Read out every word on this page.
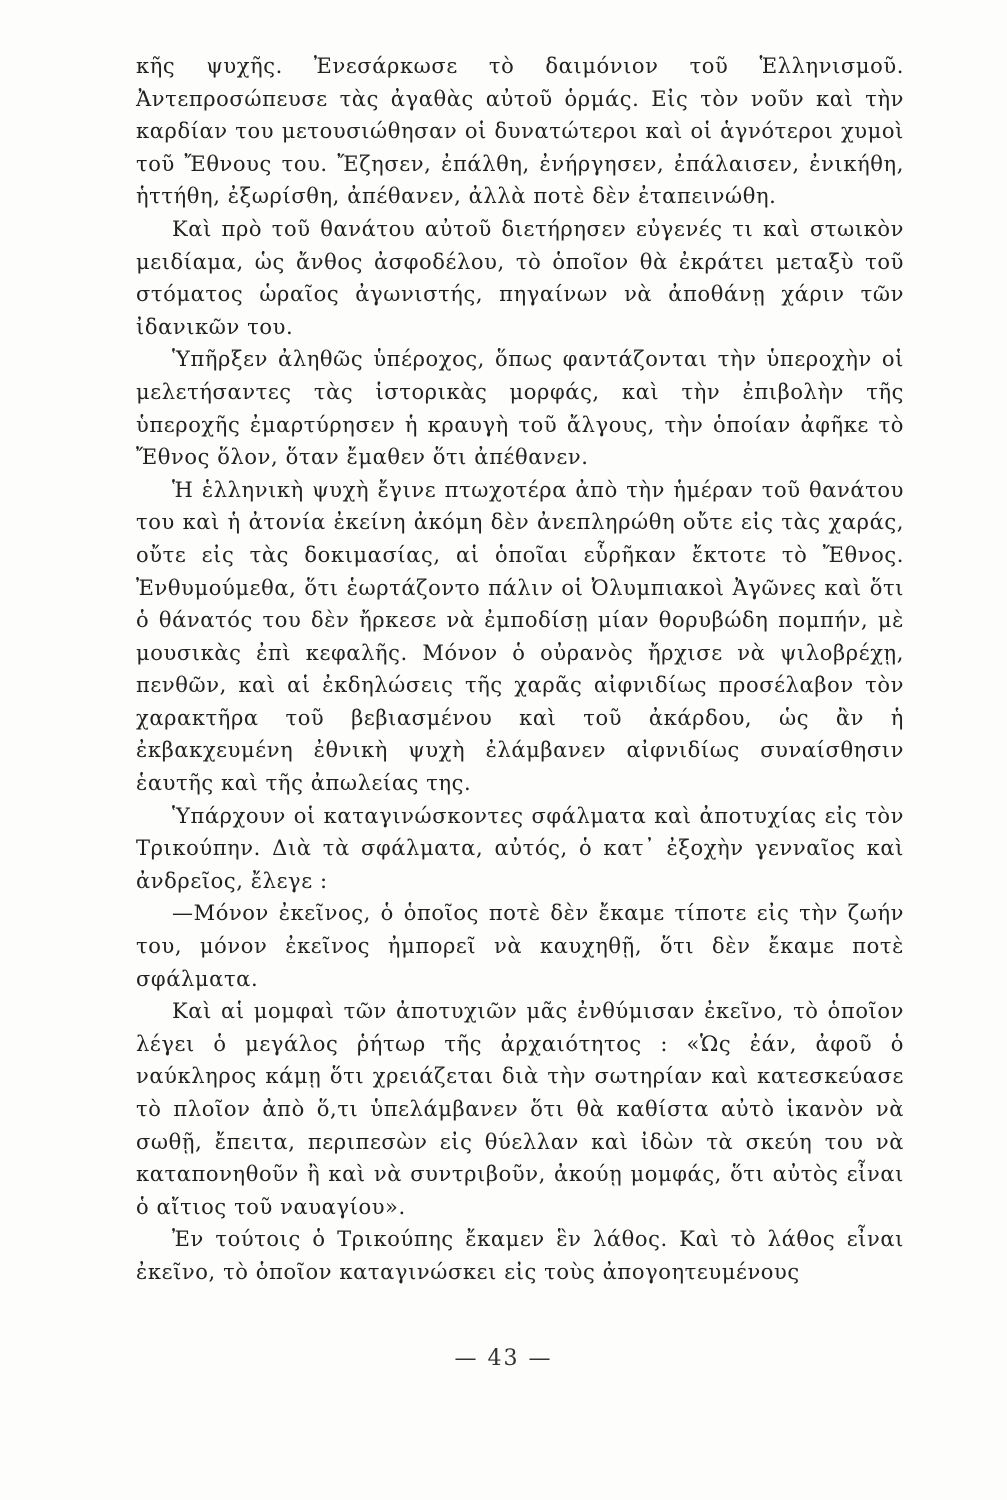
κῆς ψυχῆς. Ἐνεσάρκωσε τὸ δαιμόνιον τοῦ Ἑλληνισμοῦ. Ἀντεπροσώπευσε τὰς ἀγαθὰς αὐτοῦ ὁρμάς. Εἰς τὸν νοῦν καὶ τὴν καρδίαν του μετουσιώθησαν οἱ δυνατώτεροι καὶ οἱ ἁγνότεροι χυμοὶ τοῦ Ἔθνους του. Ἔζησεν, ἐπάλθη, ἐνήργησεν, ἐπάλαισεν, ἐνικήθη, ἡττήθη, ἐξωρίσθη, ἀπέθανεν, ἀλλὰ ποτὲ δὲν ἐταπεινώθη.

Καὶ πρὸ τοῦ θανάτου αὐτοῦ διετήρησεν εὐγενές τι καὶ στωικὸν μειδίαμα, ὡς ἄνθος ἀσφοδέλου, τὸ ὁποῖον θὰ ἐκράτει μεταξὺ τοῦ στόματος ὡραῖος ἀγωνιστής, πηγαίνων νὰ ἀποθάνῃ χάριν τῶν ἰδανικῶν του.

Ὑπῆρξεν ἀληθῶς ὑπέροχος, ὅπως φαντάζονται τὴν ὑπεροχὴν οἱ μελετήσαντες τὰς ἱστορικὰς μορφάς, καὶ τὴν ἐπιβολὴν τῆς ὑπεροχῆς ἐμαρτύρησεν ἡ κραυγὴ τοῦ ἄλγους, τὴν ὁποίαν ἀφῆκε τὸ Ἔθνος ὅλον, ὅταν ἔμαθεν ὅτι ἀπέθανεν.

Ἡ ἑλληνικὴ ψυχὴ ἔγινε πτωχοτέρα ἀπὸ τὴν ἡμέραν τοῦ θανάτου του καὶ ἡ ἀτονία ἐκείνη ἀκόμη δὲν ἀνεπληρώθη οὔτε εἰς τὰς χαράς, οὔτε εἰς τὰς δοκιμασίας, αἱ ὁποῖαι εὗρῆκαν ἔκτοτε τὸ Ἔθνος. Ἐνθυμούμεθα, ὅτι ἑωρτάζοντο πάλιν οἱ Ὀλυμπιακοὶ Ἀγῶνες καὶ ὅτι ὁ θάνατός του δὲν ἤρκεσε νὰ ἐμποδίσῃ μίαν θορυβώδη πομπήν, μὲ μουσικὰς ἐπὶ κεφαλῆς. Μόνον ὁ οὐρανὸς ἤρχισε νὰ ψιλοβρέχῃ, πενθῶν, καὶ αἱ ἐκδηλώσεις τῆς χαρᾶς αἰφνιδίως προσέλαβον τὸν χαρακτῆρα τοῦ βεβιασμένου καὶ τοῦ ἀκάρδου, ὡς ἂν ἡ ἐκβακχευμένη ἐθνικὴ ψυχὴ ἐλάμβανεν αἰφνιδίως συναίσθησιν ἑαυτῆς καὶ τῆς ἀπωλείας της.

Ὑπάρχουν οἱ καταγινώσκοντες σφάλματα καὶ ἀποτυχίας εἰς τὸν Τρικούπην. Διὰ τὰ σφάλματα, αὐτός, ὁ κατ᾿ ἐξοχὴν γενναῖος καὶ ἀνδρεῖος, ἔλεγε :

—Μόνον ἐκεῖνος, ὁ ὁποῖος ποτὲ δὲν ἔκαμε τίποτε εἰς τὴν ζωήν του, μόνον ἐκεῖνος ἠμπορεῖ νὰ καυχηθῇ, ὅτι δὲν ἔκαμε ποτὲ σφάλματα.

Καὶ αἱ μομφαὶ τῶν ἀποτυχιῶν μᾶς ἐνθύμισαν ἐκεῖνο, τὸ ὁποῖον λέγει ὁ μεγάλος ῥήτωρ τῆς ἀρχαιότητος : «Ὡς ἐάν, ἀφοῦ ὁ ναύκληρος κάμῃ ὅτι χρειάζεται διὰ τὴν σωτηρίαν καὶ κατεσκεύασε τὸ πλοῖον ἀπὸ ὅ,τι ὑπελάμβανεν ὅτι θὰ καθίστα αὐτὸ ἱκανὸν νὰ σωθῇ, ἔπειτα, περιπεσὼν εἰς θύελλαν καὶ ἰδὼν τὰ σκεύη του νὰ καταπονηθοῦν ἢ καὶ νὰ συντριβοῦν, ἀκούῃ μομφάς, ὅτι αὐτὸς εἶναι ὁ αἴτιος τοῦ ναυαγίου».

Ἐν τούτοις ὁ Τρικούπης ἔκαμεν ἓν λάθος. Καὶ τὸ λάθος εἶναι ἐκεῖνο, τὸ ὁποῖον καταγινώσκει εἰς τοὺς ἀπογοητευμένους

— 43 —
